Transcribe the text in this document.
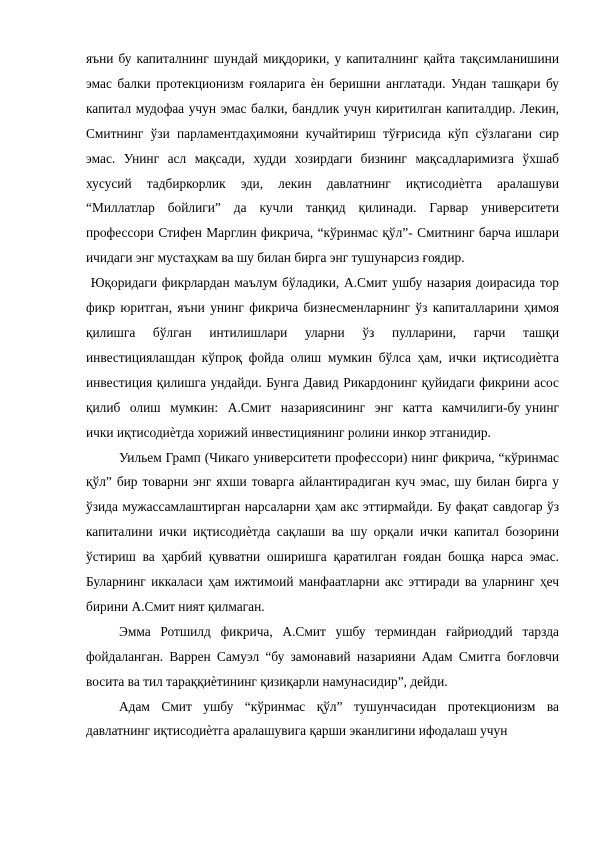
яъни бу капиталнинг шундай миқдорики, у капиталнинг қайта тақсимланишини эмас балки протекционизм ғояларига ѐн беришни англатади. Ундан ташқари бу капитал мудофаа учун эмас балки, бандлик учун киритилган капиталдир. Лекин, Смитнинг ўзи парламентдаҳимояни кучайтириш тўғрисида кўп сўзлагани сир эмас. Унинг асл мақсади, худди хозирдаги бизнинг мақсадларимизга ўхшаб хусусий тадбиркорлик эди, лекин давлатнинг иқтисодиѐтга аралашуви “Миллатлар бойлиги” да кучли танқид қилинади. Гарвар университети профессори Стифен Марглин фикрича, “кўринмас қўл”- Смитнинг барча ишлари ичидаги энг мустаҳкам ва шу билан бирга энг тушунарсиз ғоядир.

Юқоридаги фикрлардан маълум бўладики, А.Смит ушбу назария доирасида тор фикр юритган, яъни унинг фикрича бизнесменларнинг ўз капиталларини ҳимоя  қилишга  бўлган  интилишлари  уларни  ўз  пулларини,  гарчи  ташқи инвестициялашдан кўпроқ фойда олиш мумкин бўлса ҳам, ички иқтисодиѐтга инвестиция қилишга ундайди. Бунга Давид Рикардонинг қуйидаги фикрини асос  қилиб  олиш  мумкин:  А.Смит  назариясининг  энг  катта  камчилиги-бу унинг ички иқтисодиѐтда хорижий инвестициянинг ролини инкор этганидир.

Уильем Грамп (Чикаго университети профессори) нинг фикрича, “кўринмас қўл” бир товарни энг яхши товарга айлантирадиган куч эмас, шу билан бирга у ўзида мужассамлаштирган нарсаларни ҳам акс эттирмайди. Бу фақат савдогар ўз капиталини ички иқтисодиѐтда сақлаши ва шу орқали ички капитал бозорини ўстириш ва ҳарбий қувватни оширишга қаратилган ғоядан бошқа нарса эмас. Буларнинг иккаласи ҳам ижтимоий манфаатларни акс эттиради ва уларнинг ҳеч бирини А.Смит ният қилмаган.

Эмма Ротшилд фикрича, А.Смит ушбу терминдан ғайриоддий тарзда фойдаланган. Варрен Самуэл “бу замонавий назарияни Адам Смитга боғловчи восита ва тил тараққиѐтининг қизиқарли намунасидир”, дейди.

Адам Смит ушбу “кўринмас қўл” тушунчасидан протекционизм ва давлатнинг иқтисодиѐтга аралашувига қарши эканлигини ифодалаш учун
